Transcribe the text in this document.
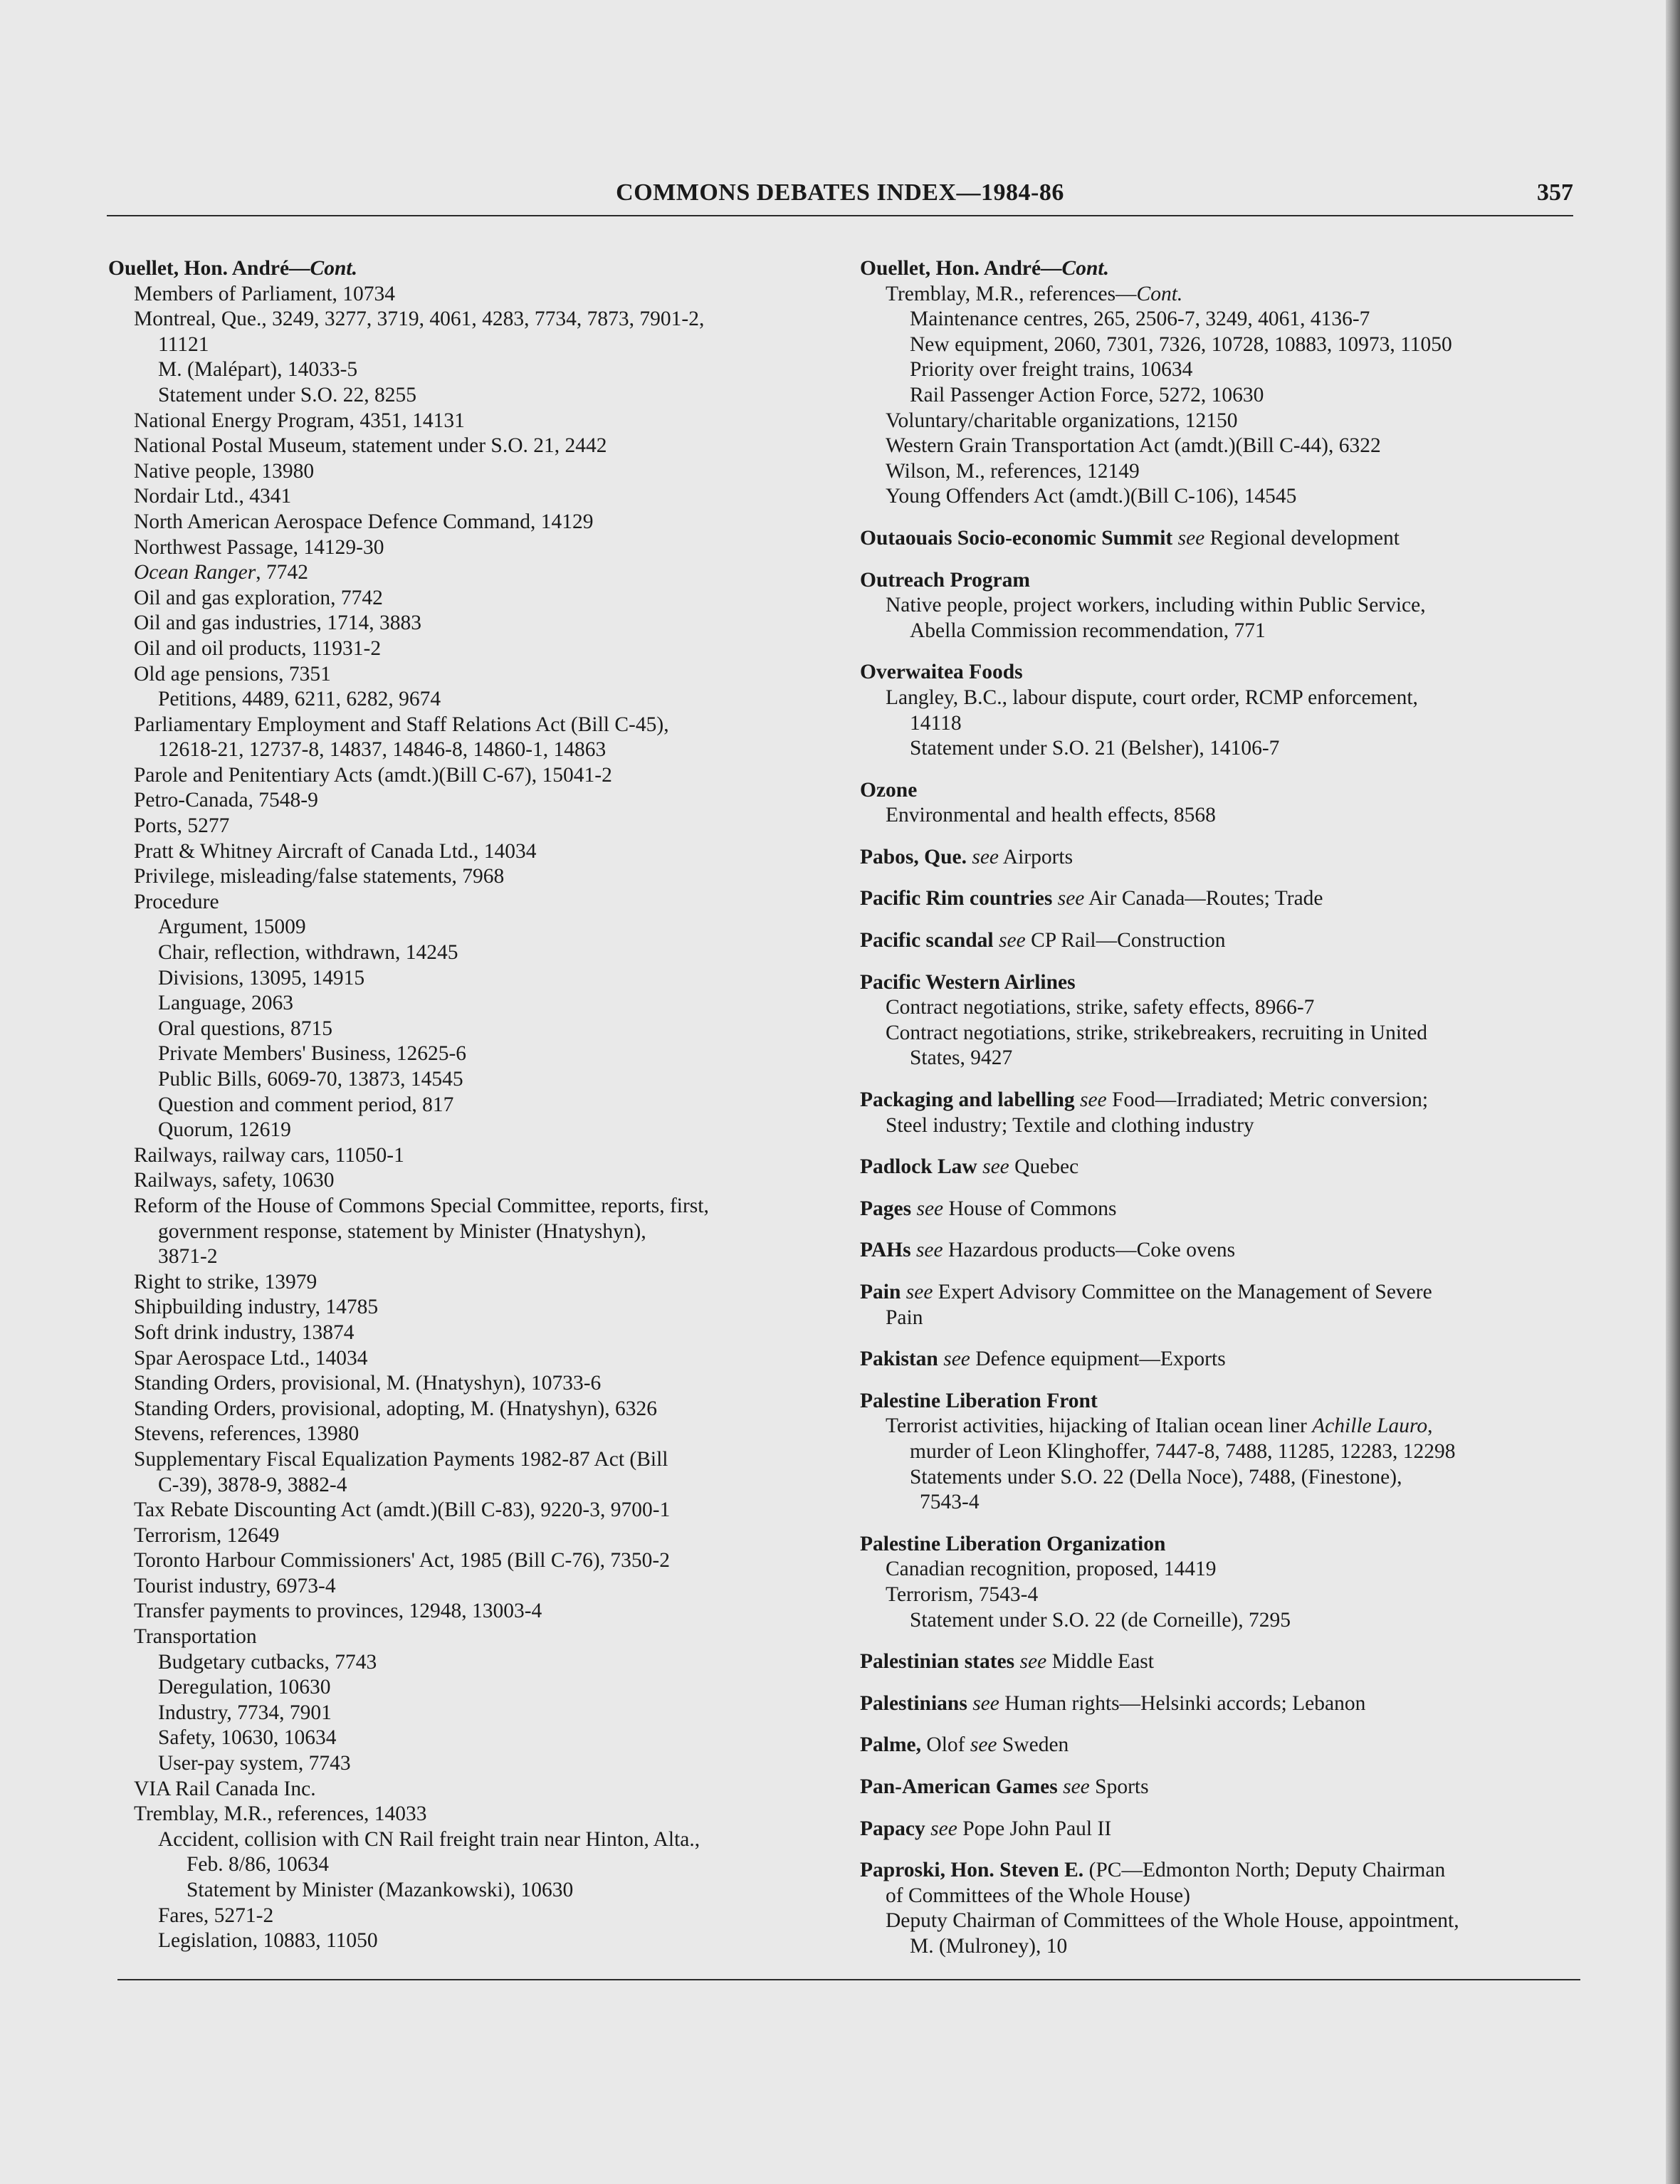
COMMONS DEBATES INDEX—1984-86	357
Ouellet, Hon. André—Cont.
Members of Parliament, 10734
Montreal, Que., 3249, 3277, 3719, 4061, 4283, 7734, 7873, 7901-2,
11121
M. (Malépart), 14033-5
Statement under S.O. 22, 8255
National Energy Program, 4351, 14131
National Postal Museum, statement under S.O. 21, 2442
Native people, 13980
Nordair Ltd., 4341
North American Aerospace Defence Command, 14129
Northwest Passage, 14129-30
Ocean Ranger, 7742
Oil and gas exploration, 7742
Oil and gas industries, 1714, 3883
Oil and oil products, 11931-2
Old age pensions, 7351
Petitions, 4489, 6211, 6282, 9674
Parliamentary Employment and Staff Relations Act (Bill C-45),
12618-21, 12737-8, 14837, 14846-8, 14860-1, 14863
Parole and Penitentiary Acts (amdt.)(Bill C-67), 15041-2
Petro-Canada, 7548-9
Ports, 5277
Pratt & Whitney Aircraft of Canada Ltd., 14034
Privilege, misleading/false statements, 7968
Procedure
Argument, 15009
Chair, reflection, withdrawn, 14245
Divisions, 13095, 14915
Language, 2063
Oral questions, 8715
Private Members' Business, 12625-6
Public Bills, 6069-70, 13873, 14545
Question and comment period, 817
Quorum, 12619
Railways, railway cars, 11050-1
Railways, safety, 10630
Reform of the House of Commons Special Committee, reports, first,
government response, statement by Minister (Hnatyshyn),
3871-2
Right to strike, 13979
Shipbuilding industry, 14785
Soft drink industry, 13874
Spar Aerospace Ltd., 14034
Standing Orders, provisional, M. (Hnatyshyn), 10733-6
Standing Orders, provisional, adopting, M. (Hnatyshyn), 6326
Stevens, references, 13980
Supplementary Fiscal Equalization Payments 1982-87 Act (Bill
C-39), 3878-9, 3882-4
Tax Rebate Discounting Act (amdt.)(Bill C-83), 9220-3, 9700-1
Terrorism, 12649
Toronto Harbour Commissioners' Act, 1985 (Bill C-76), 7350-2
Tourist industry, 6973-4
Transfer payments to provinces, 12948, 13003-4
Transportation
Budgetary cutbacks, 7743
Deregulation, 10630
Industry, 7734, 7901
Safety, 10630, 10634
User-pay system, 7743
VIA Rail Canada Inc.
Tremblay, M.R., references, 14033
Accident, collision with CN Rail freight train near Hinton, Alta.,
Feb. 8/86, 10634
Statement by Minister (Mazankowski), 10630
Fares, 5271-2
Legislation, 10883, 11050
Ouellet, Hon. André—Cont.
Tremblay, M.R., references—Cont.
Maintenance centres, 265, 2506-7, 3249, 4061, 4136-7
New equipment, 2060, 7301, 7326, 10728, 10883, 10973, 11050
Priority over freight trains, 10634
Rail Passenger Action Force, 5272, 10630
Voluntary/charitable organizations, 12150
Western Grain Transportation Act (amdt.)(Bill C-44), 6322
Wilson, M., references, 12149
Young Offenders Act (amdt.)(Bill C-106), 14545
Outaouais Socio-economic Summit see Regional development
Outreach Program
Native people, project workers, including within Public Service,
Abella Commission recommendation, 771
Overwaitea Foods
Langley, B.C., labour dispute, court order, RCMP enforcement,
14118
Statement under S.O. 21 (Belsher), 14106-7
Ozone
Environmental and health effects, 8568
Pabos, Que. see Airports
Pacific Rim countries see Air Canada—Routes; Trade
Pacific scandal see CP Rail—Construction
Pacific Western Airlines
Contract negotiations, strike, safety effects, 8966-7
Contract negotiations, strike, strikebreakers, recruiting in United
States, 9427
Packaging and labelling see Food—Irradiated; Metric conversion;
Steel industry; Textile and clothing industry
Padlock Law see Quebec
Pages see House of Commons
PAHs see Hazardous products—Coke ovens
Pain see Expert Advisory Committee on the Management of Severe
Pain
Pakistan see Defence equipment—Exports
Palestine Liberation Front
Terrorist activities, hijacking of Italian ocean liner Achille Lauro,
murder of Leon Klinghoffer, 7447-8, 7488, 11285, 12283, 12298
Statements under S.O. 22 (Della Noce), 7488, (Finestone),
7543-4
Palestine Liberation Organization
Canadian recognition, proposed, 14419
Terrorism, 7543-4
Statement under S.O. 22 (de Corneille), 7295
Palestinian states see Middle East
Palestinians see Human rights—Helsinki accords; Lebanon
Palme, Olof see Sweden
Pan-American Games see Sports
Papacy see Pope John Paul II
Paproski, Hon. Steven E. (PC—Edmonton North; Deputy Chairman
of Committees of the Whole House)
Deputy Chairman of Committees of the Whole House, appointment,
M. (Mulroney), 10
